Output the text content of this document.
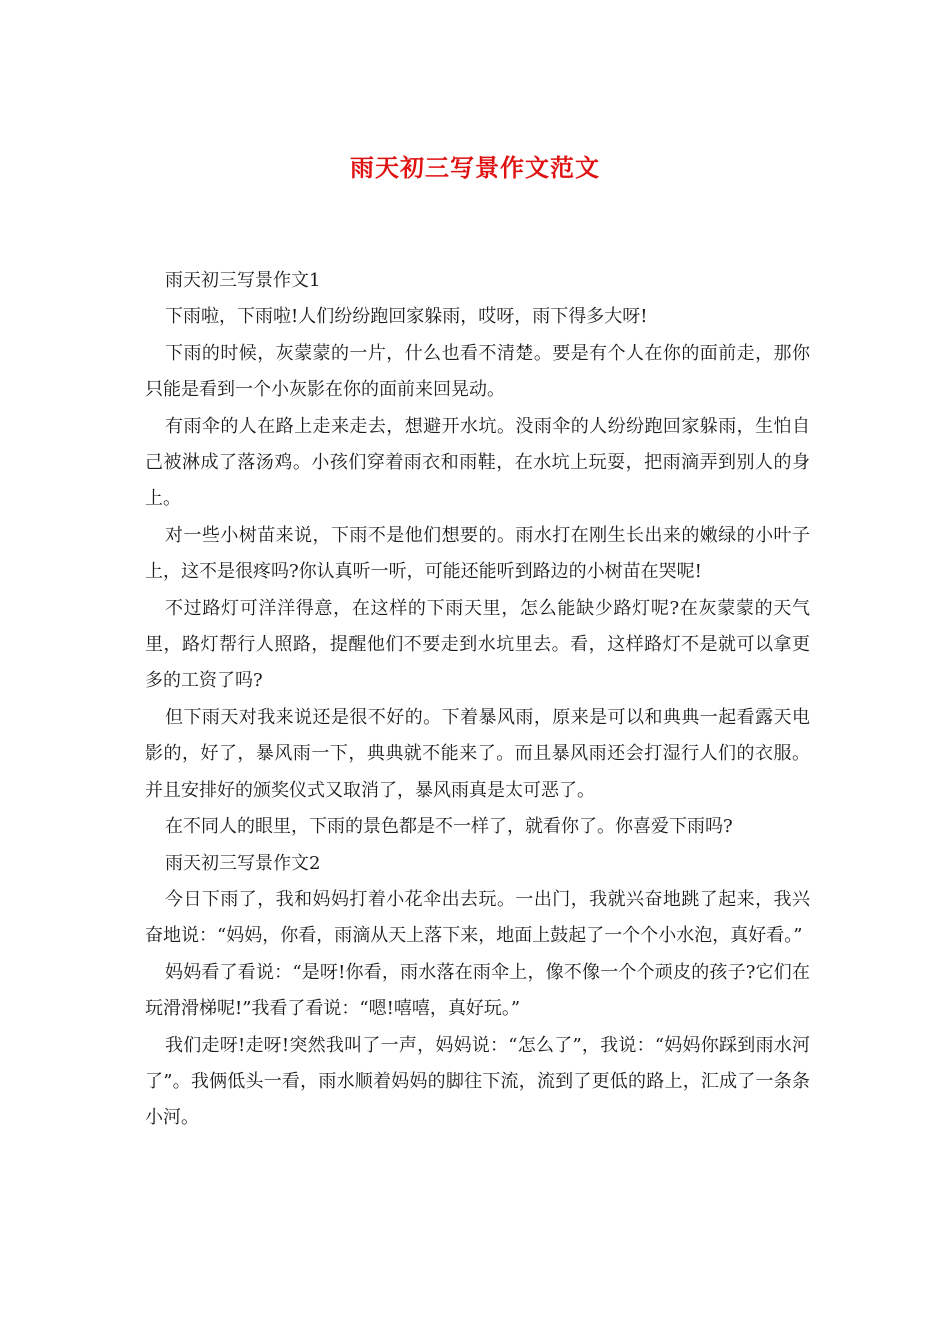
雨天初三写景作文范文

雨天初三写景作文1

下雨啦，下雨啦!人们纷纷跑回家躲雨，哎呀，雨下得多大呀!

下雨的时候，灰蒙蒙的一片，什么也看不清楚。要是有个人在你的面前走，那你只能是看到一个小灰影在你的面前来回晃动。

有雨伞的人在路上走来走去，想避开水坑。没雨伞的人纷纷跑回家躲雨，生怕自己被淋成了落汤鸡。小孩们穿着雨衣和雨鞋，在水坑上玩耍，把雨滴弄到别人的身上。

对一些小树苗来说，下雨不是他们想要的。雨水打在刚生长出来的嫩绿的小叶子上，这不是很疼吗?你认真听一听，可能还能听到路边的小树苗在哭呢!

不过路灯可洋洋得意，在这样的下雨天里，怎么能缺少路灯呢?在灰蒙蒙的天气里，路灯帮行人照路，提醒他们不要走到水坑里去。看，这样路灯不是就可以拿更多的工资了吗?

但下雨天对我来说还是很不好的。下着暴风雨，原来是可以和典典一起看露天电影的，好了，暴风雨一下，典典就不能来了。而且暴风雨还会打湿行人们的衣服。并且安排好的颁奖仪式又取消了，暴风雨真是太可恶了。

在不同人的眼里，下雨的景色都是不一样了，就看你了。你喜爱下雨吗?

雨天初三写景作文2

今日下雨了，我和妈妈打着小花伞出去玩。一出门，我就兴奋地跳了起来，我兴奋地说：“妈妈，你看，雨滴从天上落下来，地面上鼓起了一个个小水泡，真好看。”

妈妈看了看说：“是呀!你看，雨水落在雨伞上，像不像一个个顽皮的孩子?它们在玩滑滑梯呢!”我看了看说：“嗯!嘻嘻，真好玩。”

我们走呀!走呀!突然我叫了一声，妈妈说：“怎么了”，我说：“妈妈你踩到雨水河了”。我俩低头一看，雨水顺着妈妈的脚往下流，流到了更低的路上，汇成了一条条小河。
